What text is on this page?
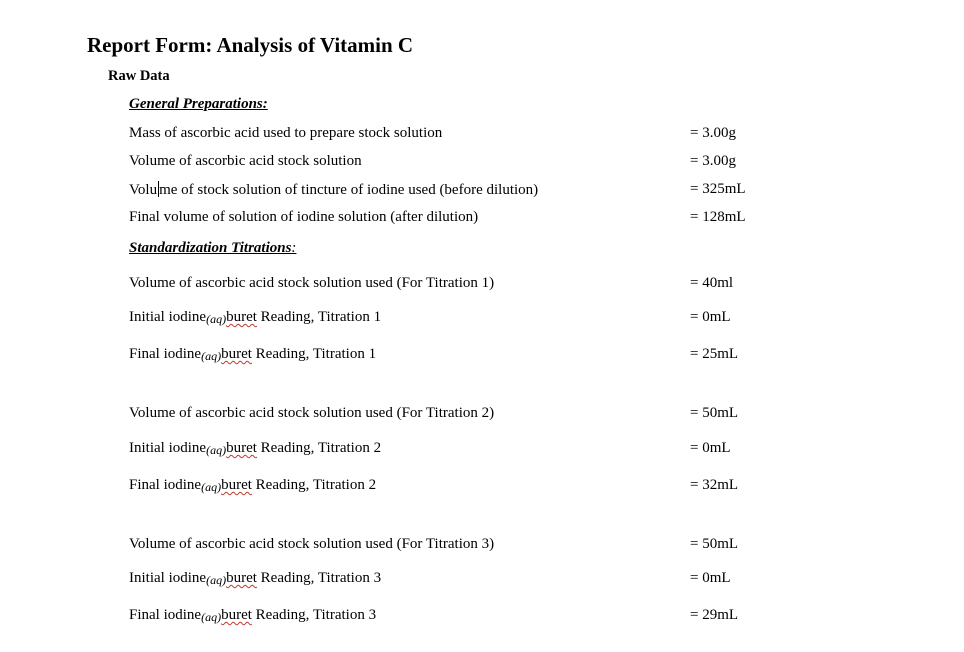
Report Form: Analysis of Vitamin C
Raw Data
General Preparations:
Mass of ascorbic acid used to prepare stock solution	= 3.00g
Volume of ascorbic acid stock solution	= 3.00g
Volu me of stock solution of tincture of iodine used (before dilution)	= 325mL
Final volume of solution of iodine solution (after dilution)	= 128mL
Standardization Titrations:
Volume of ascorbic acid stock solution used (For Titration 1)	= 40ml
Initial iodine(aq)buret Reading, Titration 1	= 0mL
Final iodine(aq)buret Reading, Titration 1	= 25mL
Volume of ascorbic acid stock solution used (For Titration 2)	= 50mL
Initial iodine(aq)buret Reading, Titration 2	= 0mL
Final iodine(aq)buret Reading, Titration 2	= 32mL
Volume of ascorbic acid stock solution used (For Titration 3)	= 50mL
Initial iodine(aq)buret Reading, Titration 3	= 0mL
Final iodine(aq)buret Reading, Titration 3	= 29mL
